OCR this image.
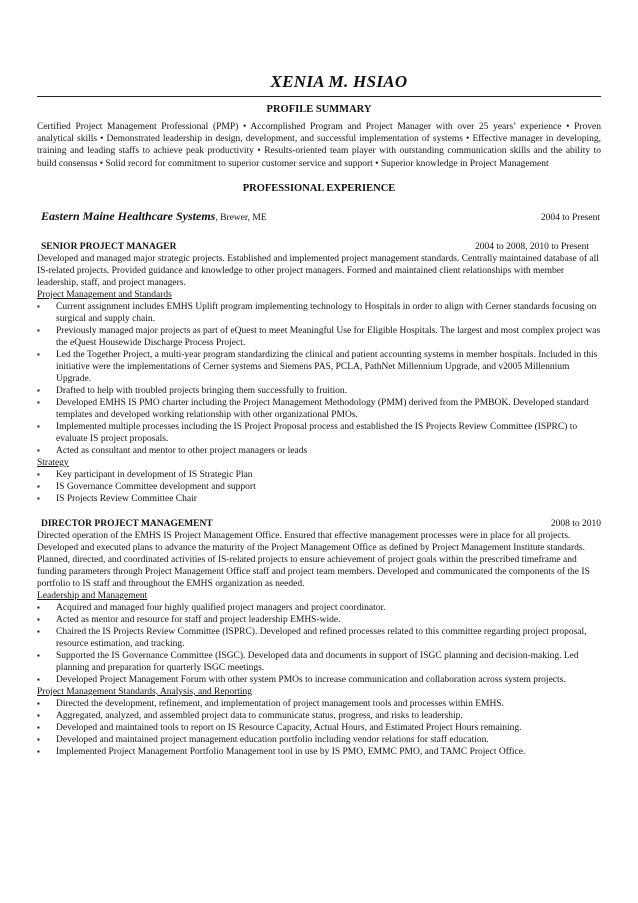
XENIA M. HSIAO
PROFILE SUMMARY
Certified Project Management Professional (PMP) • Accomplished Program and Project Manager with over 25 years’ experience • Proven analytical skills • Demonstrated leadership in design, development, and successful implementation of systems • Effective manager in developing, training and leading staffs to achieve peak productivity • Results-oriented team player with outstanding communication skills and the ability to build consensus • Solid record for commitment to superior customer service and support • Superior knowledge in Project Management
PROFESSIONAL EXPERIENCE
Eastern Maine Healthcare Systems, Brewer, ME	2004 to Present
SENIOR PROJECT MANAGER	2004 to 2008, 2010 to Present
Developed and managed major strategic projects. Established and implemented project management standards. Centrally maintained database of all IS-related projects. Provided guidance and knowledge to other project managers. Formed and maintained client relationships with member leadership, staff, and project managers.
Project Management and Standards
▪ Current assignment includes EMHS Uplift program implementing technology to Hospitals in order to align with Cerner standards focusing on surgical and supply chain.
▪ Previously managed major projects as part of eQuest to meet Meaningful Use for Eligible Hospitals. The largest and most complex project was the eQuest Housewide Discharge Process Project.
▪ Led the Together Project, a multi-year program standardizing the clinical and patient accounting systems in member hospitals. Included in this initiative were the implementations of Cerner systems and Siemens PAS, PCLA, PathNet Millennium Upgrade, and v2005 Millennium Upgrade.
▪ Drafted to help with troubled projects bringing them successfully to fruition.
▪ Developed EMHS IS PMO charter including the Project Management Methodology (PMM) derived from the PMBOK. Developed standard templates and developed working relationship with other organizational PMOs.
▪ Implemented multiple processes including the IS Project Proposal process and established the IS Projects Review Committee (ISPRC) to evaluate IS project proposals.
▪ Acted as consultant and mentor to other project managers or leads
Strategy
▪ Key participant in development of IS Strategic Plan
▪ IS Governance Committee development and support
▪ IS Projects Review Committee Chair
DIRECTOR PROJECT MANAGEMENT	2008 to 2010
Directed operation of the EMHS IS Project Management Office. Ensured that effective management processes were in place for all projects. Developed and executed plans to advance the maturity of the Project Management Office as defined by Project Management Institute standards. Planned, directed, and coordinated activities of IS-related projects to ensure achievement of project goals within the prescribed timeframe and funding parameters through Project Management Office staff and project team members. Developed and communicated the components of the IS portfolio to IS staff and throughout the EMHS organization as needed.
Leadership and Management
▪ Acquired and managed four highly qualified project managers and project coordinator.
▪ Acted as mentor and resource for staff and project leadership EMHS-wide.
▪ Chaired the IS Projects Review Committee (ISPRC). Developed and refined processes related to this committee regarding project proposal, resource estimation, and tracking.
▪ Supported the IS Governance Committee (ISGC). Developed data and documents in support of ISGC planning and decision-making. Led planning and preparation for quarterly ISGC meetings.
▪ Developed Project Management Forum with other system PMOs to increase communication and collaboration across system projects.
Project Management Standards, Analysis, and Reporting
▪ Directed the development, refinement, and implementation of project management tools and processes within EMHS.
▪ Aggregated, analyzed, and assembled project data to communicate status, progress, and risks to leadership.
▪ Developed and maintained tools to report on IS Resource Capacity, Actual Hours, and Estimated Project Hours remaining.
▪ Developed and maintained project management education portfolio including vendor relations for staff education.
▪ Implemented Project Management Portfolio Management tool in use by IS PMO, EMMC PMO, and TAMC Project Office.
